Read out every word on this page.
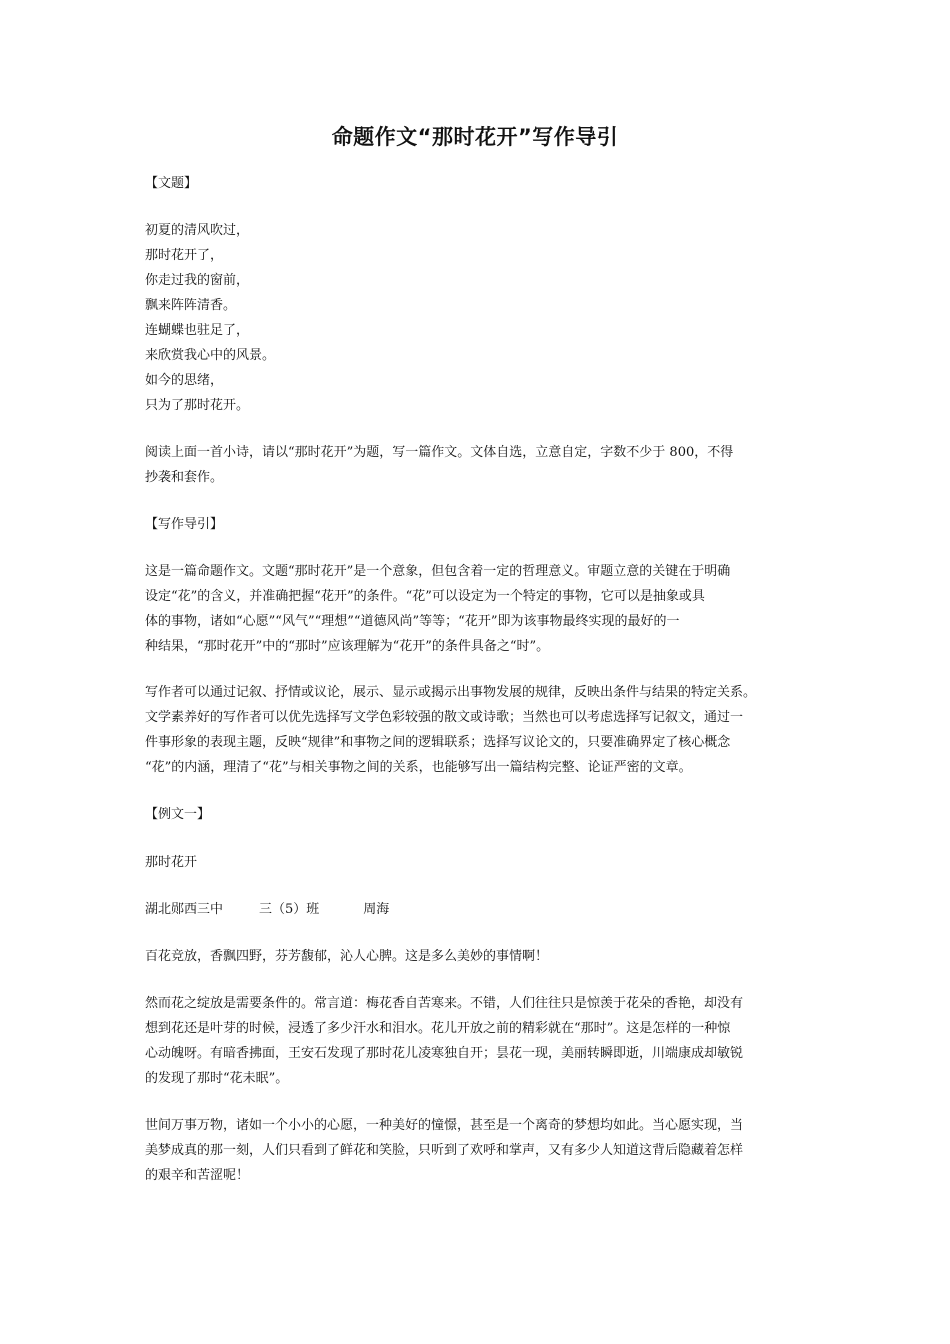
命题作文“那时花开”写作导引
【文题】
初夏的清风吹过，
那时花开了，
你走过我的窗前，
飘来阵阵清香。
连蝴蝶也驻足了，
来欣赏我心中的风景。
如今的思绪，
只为了那时花开。
阅读上面一首小诗，请以“那时花开”为题，写一篇作文。文体自选，立意自定，字数不少于 800，不得
抄袭和套作。
【写作导引】
这是一篇命题作文。文题“那时花开”是一个意象，但包含着一定的哲理意义。审题立意的关键在于明确
设定“花”的含义，并准确把握“花开”的条件。“花”可以设定为一个特定的事物，它可以是抽象或具
体的事物，诸如“心愿”“风气”“理想”“道德风尚”等等；“花开”即为该事物最终实现的最好的一
种结果，“那时花开”中的“那时”应该理解为“花开”的条件具备之“时”。
写作者可以通过记叙、抒情或议论，展示、显示或揭示出事物发展的规律，反映出条件与结果的特定关系。
文学素养好的写作者可以优先选择写文学色彩较强的散文或诗歌；当然也可以考虑选择写记叙文，通过一
件事形象的表现主题，反映“规律”和事物之间的逻辑联系；选择写议论文的，只要准确界定了核心概念
“花”的内涵，理清了“花”与相关事物之间的关系，也能够写出一篇结构完整、论证严密的文章。
【例文一】
那时花开
湖北郧西三中	三（5）班	周海
百花竞放，香飘四野，芬芳馥郁，沁人心脾。这是多么美妙的事情啊！
然而花之绽放是需要条件的。常言道：梅花香自苦寒来。不错，人们往往只是惊羡于花朵的香艳，却没有
想到花还是叶芽的时候，浸透了多少汗水和泪水。花儿开放之前的精彩就在“那时”。这是怎样的一种惊
心动魄呀。有暗香拂面，王安石发现了那时花儿凌寒独自开；昙花一现，美丽转瞬即逝，川端康成却敏锐
的发现了那时“花未眠”。
世间万事万物，诸如一个小小的心愿，一种美好的憧憬，甚至是一个离奇的梦想均如此。当心愿实现，当
美梦成真的那一刻，人们只看到了鲜花和笑脸，只听到了欢呼和掌声，又有多少人知道这背后隐藏着怎样
的艰辛和苦涩呢！
